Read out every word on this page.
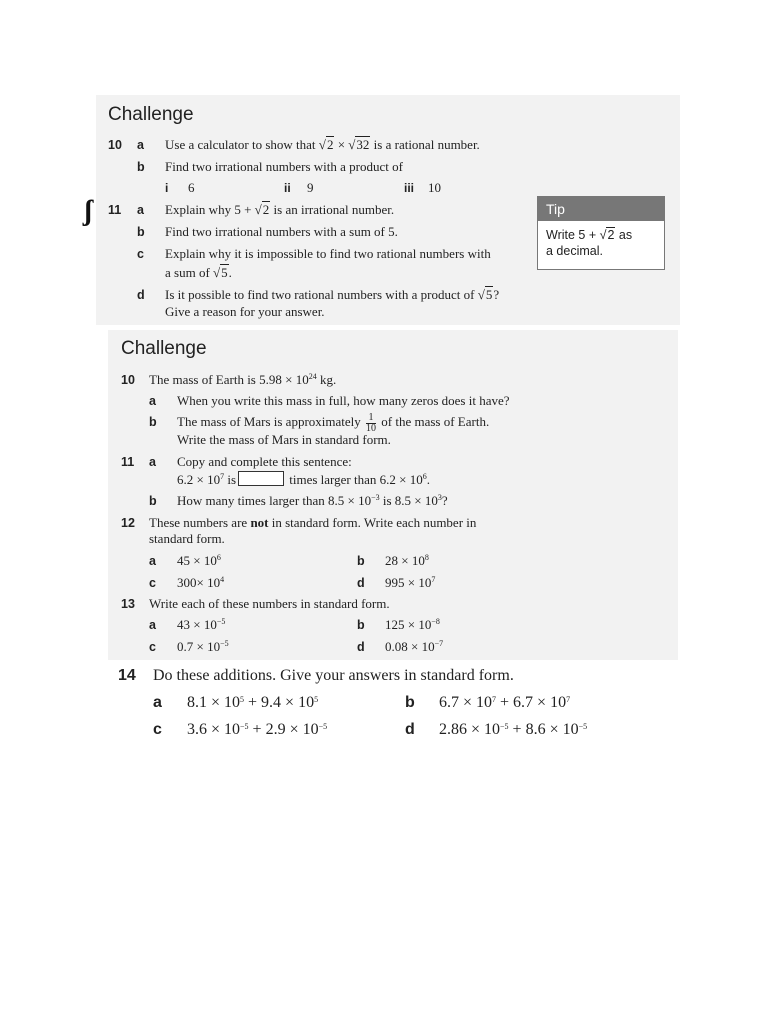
Challenge
10 a Use a calculator to show that √2 × √32 is a rational number.
b Find two irrational numbers with a product of
i 6	ii 9	iii 10
ʃ 11 a Explain why 5 + √2 is an irrational number.
b Find two irrational numbers with a sum of 5.
c Explain why it is impossible to find two rational numbers with
a sum of √5.
d Is it possible to find two rational numbers with a product of √5?
Give a reason for your answer.
Tip
Write 5 + √2 as
a decimal.
Challenge
10 The mass of Earth is $5.98 \times 10^{24}$ kg.
a When you write this mass in full, how many zeros does it have?
b The mass of Mars is approximately $\frac{1}{10}$ of the mass of Earth.
Write the mass of Mars in standard form.
11 a Copy and complete this sentence:
$6.2 \times 10^7$ is	times larger than $6.2 \times 10^6$.
b How many times larger than $8.5 \times 10^{-3}$ is $8.5 \times 10^3$?
12 These numbers are not in standard form. Write each number in
standard form.
a $45 \times 10^6$	b $28 \times 10^8$
c $300\times 10^4$	d $995 \times 10^7$
13 Write each of these numbers in standard form.
a $43 \times 10^{-5}$	b $125 \times 10^{-8}$
c $0.7 \times 10^{-5}$	d $0.08 \times 10^{-7}$
14 Do these additions. Give your answers in standard form.
a $8.1 \times 10^5 + 9.4 \times 10^5$	b $6.7 \times 10^7 + 6.7 \times 10^7$
c $3.6 \times 10^{-5} + 2.9 \times 10^{-5}$	d $2.86 \times 10^{-5} + 8.6 \times 10^{-5}$
